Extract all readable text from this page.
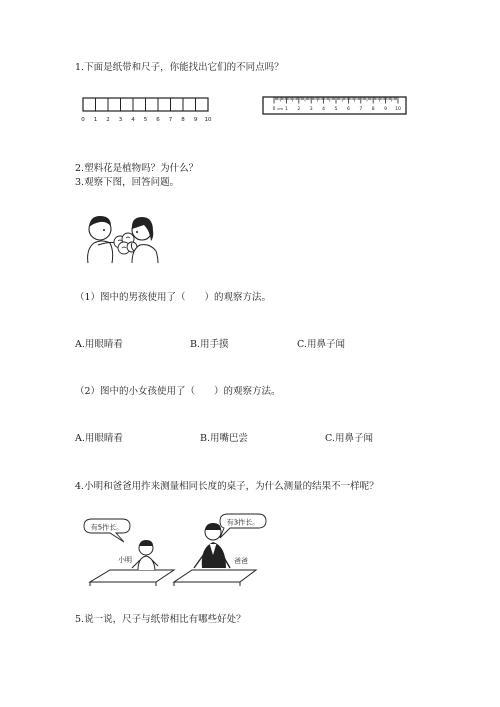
1.下面是纸带和尺子，你能找出它们的不同点吗？
0 1 2 3 4 5 6 7 8 9 10
0 1 2 3 4 5 6 7 8 9 10
cm
2.塑料花是植物吗？为什么？
3.观察下图，回答问题。
（1）图中的男孩使用了（　　）的观察方法。
A.用眼睛看	B.用手摸	C.用鼻子闻
（2）图中的小女孩使用了（　　）的观察方法。
A.用眼睛看	B.用嘴巴尝	C.用鼻子闻
4.小明和爸爸用拃来测量相同长度的桌子，为什么测量的结果不一样呢？
有5拃长。
有3拃长。
小明	爸爸
5.说一说，尺子与纸带相比有哪些好处？
